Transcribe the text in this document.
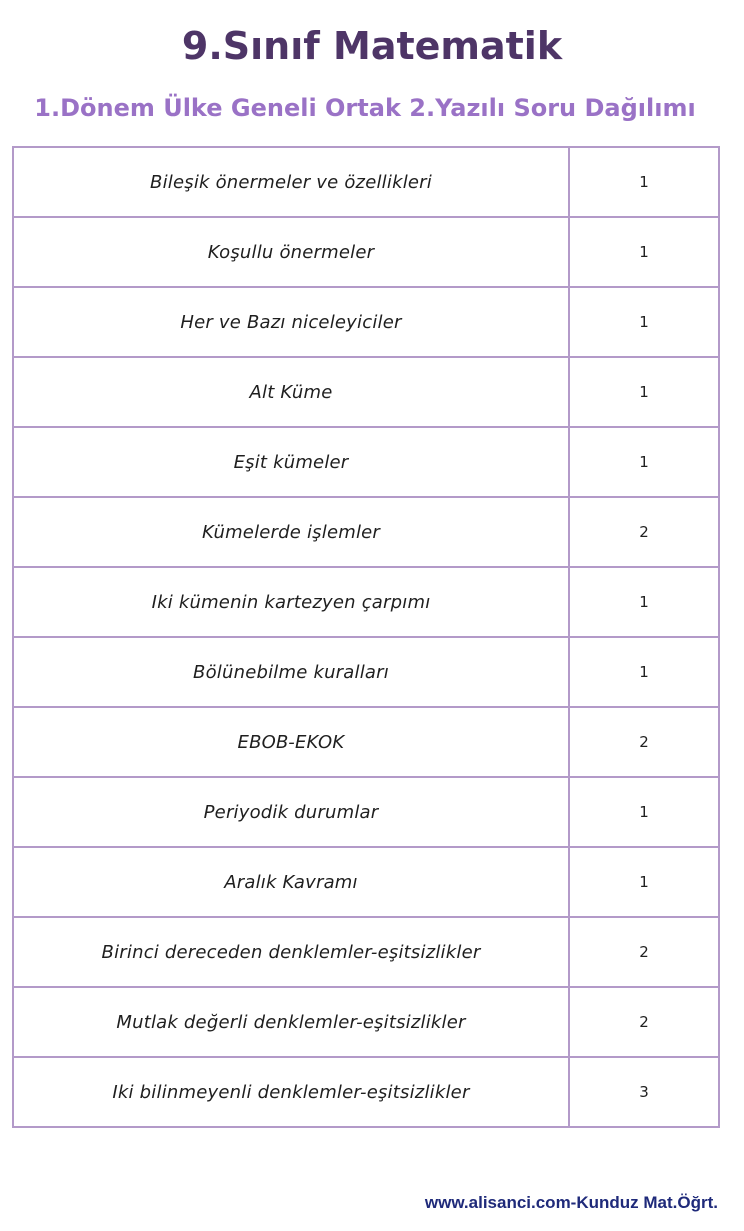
9.Sınıf Matematik
1.Dönem Ülke Geneli Ortak 2.Yazılı Soru Dağılımı
Bileşik önermeler ve özellikleri	1
Koşullu önermeler	1
Her ve Bazı niceleyiciler	1
Alt Küme	1
Eşit kümeler	1
Kümelerde işlemler	2
Iki kümenin kartezyen çarpımı	1
Bölünebilme kuralları	1
EBOB-EKOK	2
Periyodik durumlar	1
Aralık Kavramı	1
Birinci dereceden denklemler-eşitsizlikler	2
Mutlak değerli denklemler-eşitsizlikler	2
Iki bilinmeyenli denklemler-eşitsizlikler	3

www.alisanci.com-Kunduz Mat.Öğrt.
